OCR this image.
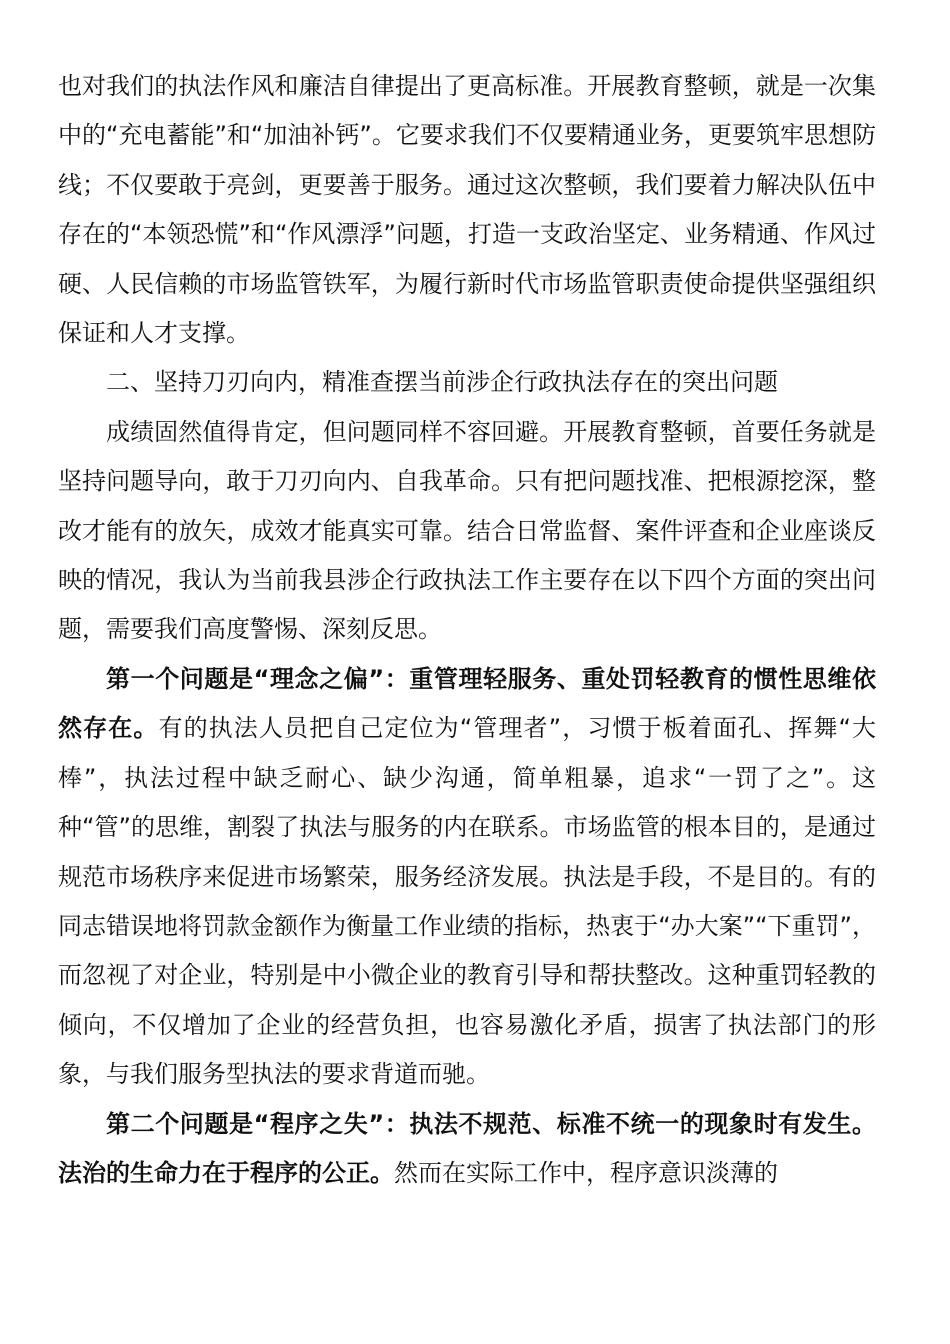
也对我们的执法作风和廉洁自律提出了更高标准。开展教育整顿，就是一次集中的“充电蓄能”和“加油补钙”。它要求我们不仅要精通业务，更要筑牢思想防线；不仅要敢于亮剑，更要善于服务。通过这次整顿，我们要着力解决队伍中存在的“本领恐慌”和“作风漂浮”问题，打造一支政治坚定、业务精通、作风过硬、人民信赖的市场监管铁军，为履行新时代市场监管职责使命提供坚强组织保证和人才支撑。

二、坚持刀刃向内，精准查摆当前涉企行政执法存在的突出问题

成绩固然值得肯定，但问题同样不容回避。开展教育整顿，首要任务就是坚持问题导向，敢于刀刃向内、自我革命。只有把问题找准、把根源挖深，整改才能有的放矢，成效才能真实可靠。结合日常监督、案件评查和企业座谈反映的情况，我认为当前我县涉企行政执法工作主要存在以下四个方面的突出问题，需要我们高度警惕、深刻反思。

第一个问题是“理念之偏”：重管理轻服务、重处罚轻教育的惯性思维依然存在。有的执法人员把自己定位为“管理者”，习惯于板着面孔、挥舞“大棒”，执法过程中缺乏耐心、缺少沟通，简单粗暴，追求“一罚了之”。这种“管”的思维，割裂了执法与服务的内在联系。市场监管的根本目的，是通过规范市场秩序来促进市场繁荣，服务经济发展。执法是手段，不是目的。有的同志错误地将罚款金额作为衡量工作业绩的指标，热衷于“办大案”“下重罚”，而忽视了对企业，特别是中小微企业的教育引导和帮扶整改。这种重罚轻教的倾向，不仅增加了企业的经营负担，也容易激化矛盾，损害了执法部门的形象，与我们服务型执法的要求背道而驰。

第二个问题是“程序之失”：执法不规范、标准不统一的现象时有发生。法治的生命力在于程序的公正。然而在实际工作中，程序意识淡薄的
